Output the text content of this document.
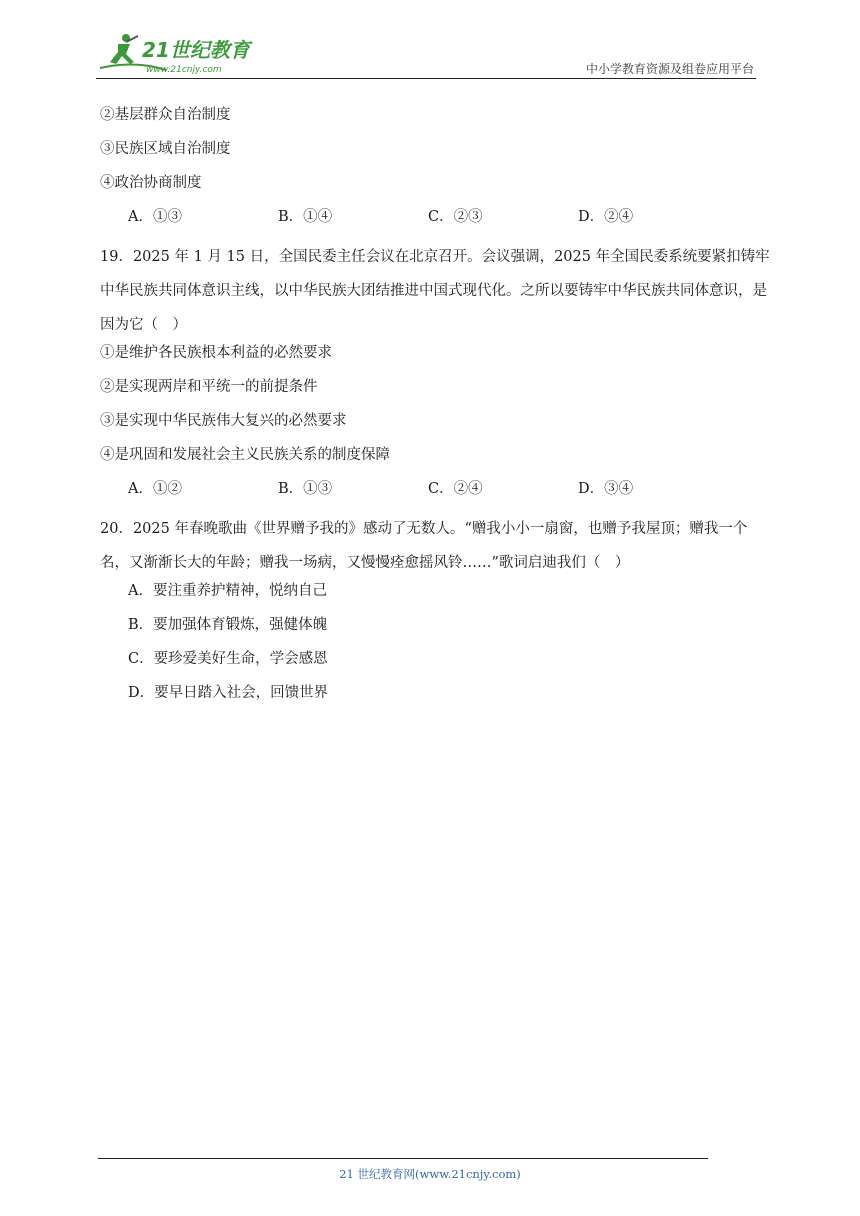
21世纪教育
www.21cnjy.com	中小学教育资源及组卷应用平台
②基层群众自治制度
③民族区域自治制度
④政治协商制度
A．①③	B．①④	C．②③	D．②④
19．2025 年 1 月 15 日，全国民委主任会议在北京召开。会议强调，2025 年全国民委系统要紧扣铸牢中华民族共同体意识主线，以中华民族大团结推进中国式现代化。之所以要铸牢中华民族共同体意识，是因为它（　）
①是维护各民族根本利益的必然要求
②是实现两岸和平统一的前提条件
③是实现中华民族伟大复兴的必然要求
④是巩固和发展社会主义民族关系的制度保障
A．①②	B．①③	C．②④	D．③④
20．2025 年春晚歌曲《世界赠予我的》感动了无数人。“赠我小小一扇窗，也赠予我屋顶；赠我一个名，又渐渐长大的年龄；赠我一场病，又慢慢痊愈摇风铃……”歌词启迪我们（　）
A．要注重养护精神，悦纳自己
B．要加强体育锻炼，强健体魄
C．要珍爱美好生命，学会感恩
D．要早日踏入社会，回馈世界
21 世纪教育网(www.21cnjy.com)
